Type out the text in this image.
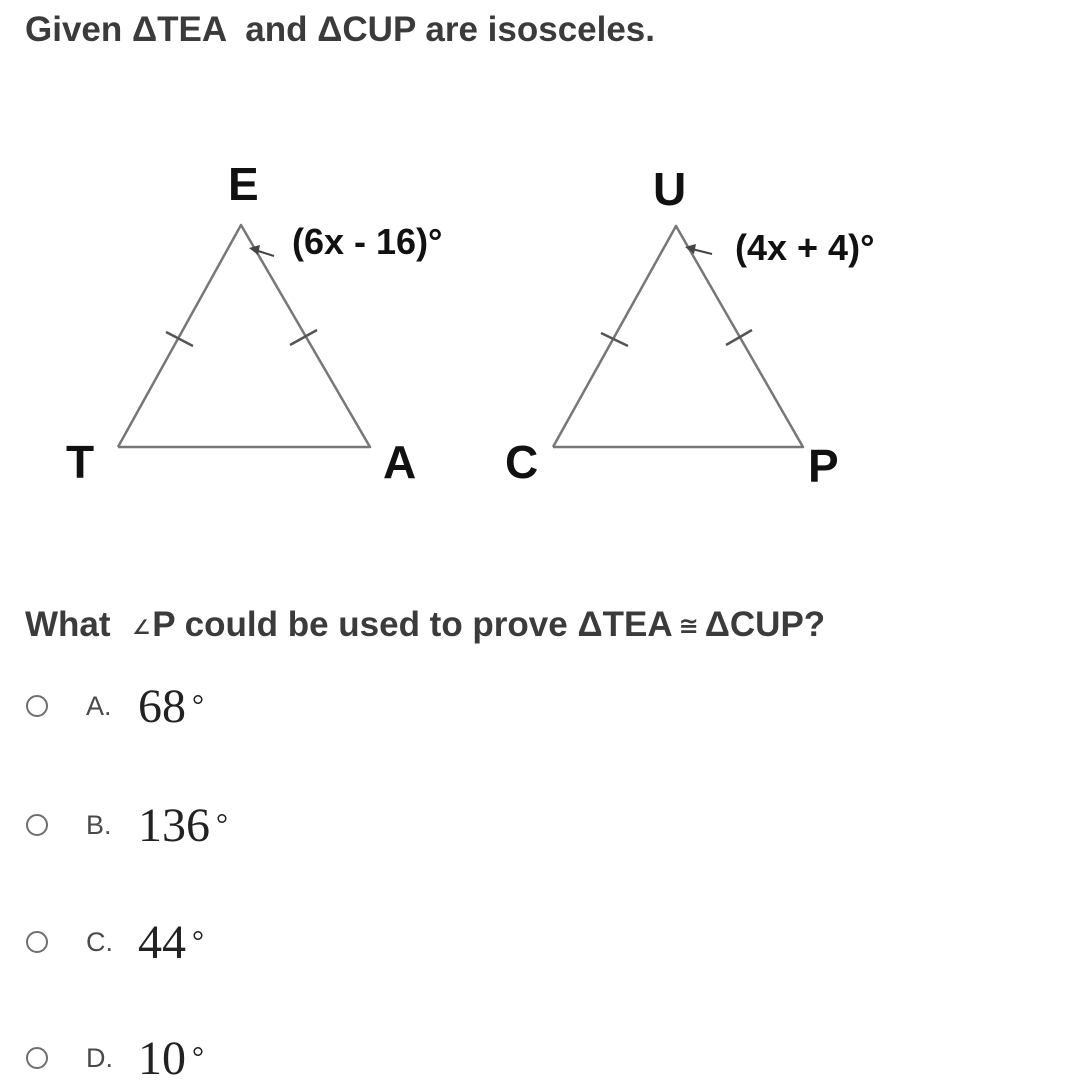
Given ΔTEA  and ΔCUP are isosceles.
E
T	A
(6x - 16)°
U
C	P
(4x + 4)°
What ∠P could be used to prove ΔTEA ≅ ΔCUP?
A. 68 °
B. 136 °
C. 44 °
D. 10 °
